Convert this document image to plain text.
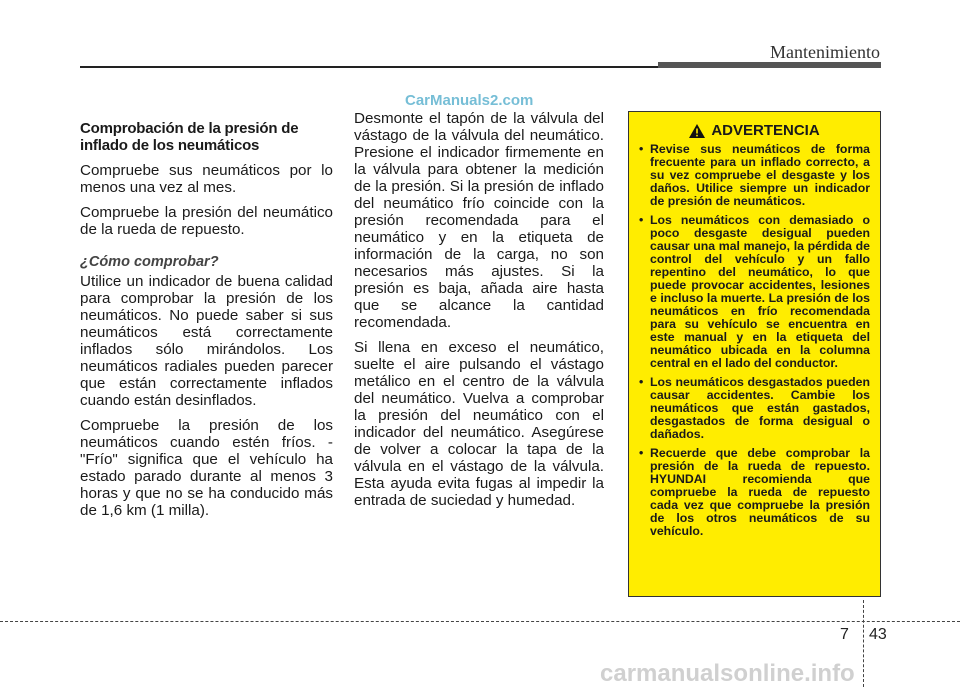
Mantenimiento
CarManuals2.com
Comprobación de la presión de
inflado de los neumáticos

Compruebe sus neumáticos por lo menos una vez al mes.

Compruebe la presión del neumático de la rueda de repuesto.

¿Cómo comprobar?

Utilice un indicador de buena calidad para comprobar la presión de los neumáticos. No puede saber si sus neumáticos está correctamente inflados sólo mirándolos. Los neumáticos radiales pueden parecer que están correctamente inflados cuando están desinflados.

Compruebe la presión de los neumáticos cuando estén fríos. - "Frío" significa que el vehículo ha estado parado durante al menos 3 horas y que no se ha conducido más de 1,6 km (1 milla).

Desmonte el tapón de la válvula del vástago de la válvula del neumático. Presione el indicador firmemente en la válvula para obtener la medición de la presión. Si la presión de inflado del neumático frío coincide con la presión recomendada para el neumático y en la etiqueta de información de la carga, no son necesarios más ajustes. Si la presión es baja, añada aire hasta que se alcance la cantidad recomendada.

Si llena en exceso el neumático, suelte el aire pulsando el vástago metálico en el centro de la válvula del neumático. Vuelva a comprobar la presión del neumático con el indicador del neumático. Asegúrese de volver a colocar la tapa de la válvula en el vástago de la válvula. Esta ayuda evita fugas al impedir la entrada de suciedad y humedad.

ADVERTENCIA
• Revise sus neumáticos de forma frecuente para un inflado correcto, a su vez compruebe el desgaste y los daños. Utilice siempre un indicador de presión de neumáticos.
• Los neumáticos con demasiado o poco desgaste desigual pueden causar una mal manejo, la pérdida de control del vehículo y un fallo repentino del neumático, lo que puede provocar accidentes, lesiones e incluso la muerte. La presión de los neumáticos en frío recomendada para su vehículo se encuentra en este manual y en la etiqueta del neumático ubicada en la columna central en el lado del conductor.
• Los neumáticos desgastados pueden causar accidentes. Cambie los neumáticos que están gastados, desgastados de forma desigual o dañados.
• Recuerde que debe comprobar la presión de la rueda de repuesto. HYUNDAI recomienda que compruebe la rueda de repuesto cada vez que compruebe la presión de los otros neumáticos de su vehículo.
7 43
carmanualsonline.info
